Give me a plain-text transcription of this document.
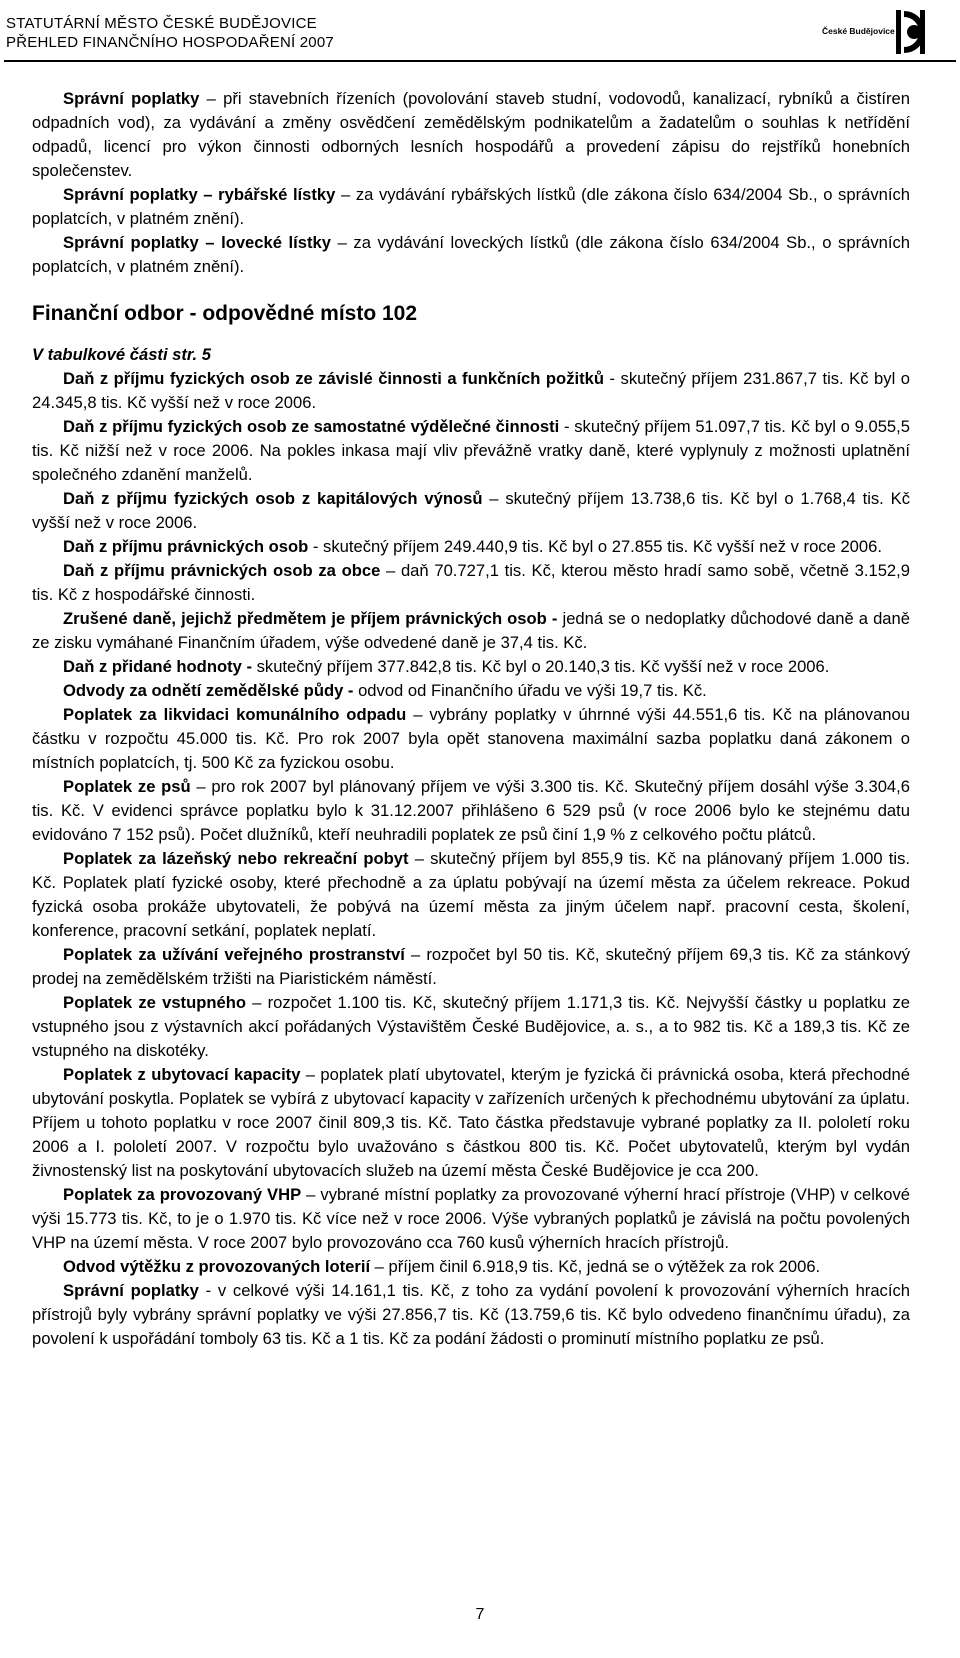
STATUTÁRNÍ MĚSTO ČESKÉ BUDĚJOVICE
PŘEHLED FINANČNÍHO HOSPODAŘENÍ 2007
České Budějovice

Správní poplatky – při stavebních řízeních (povolování staveb studní, vodovodů, kanalizací, rybníků a čistíren odpadních vod), za vydávání a změny osvědčení zemědělským podnikatelům a žadatelům o souhlas k netřídění odpadů, licencí pro výkon činnosti odborných lesních hospodářů a provedení zápisu do rejstříků honebních společenstev.

Správní poplatky – rybářské lístky – za vydávání rybářských lístků (dle zákona číslo 634/2004 Sb., o správních poplatcích, v platném znění).

Správní poplatky – lovecké lístky – za vydávání loveckých lístků (dle zákona číslo 634/2004 Sb., o správních poplatcích, v platném znění).

Finanční odbor - odpovědné místo 102
V tabulkové části str. 5

Daň z příjmu fyzických osob ze závislé činnosti a funkčních požitků - skutečný příjem 231.867,7 tis. Kč byl o 24.345,8 tis. Kč vyšší než v roce 2006.

Daň z příjmu fyzických osob ze samostatné výdělečné činnosti - skutečný příjem 51.097,7 tis. Kč byl o 9.055,5 tis. Kč nižší než v roce 2006. Na pokles inkasa mají vliv převážně vratky daně, které vyplynuly z možnosti uplatnění společného zdanění manželů.

Daň z příjmu fyzických osob z kapitálových výnosů – skutečný příjem 13.738,6 tis. Kč byl o 1.768,4 tis. Kč vyšší než v roce 2006.

Daň z příjmu právnických osob - skutečný příjem 249.440,9 tis. Kč byl o 27.855 tis. Kč vyšší než v roce 2006.

Daň z příjmu právnických osob za obce – daň 70.727,1 tis. Kč, kterou město hradí samo sobě, včetně 3.152,9 tis. Kč z hospodářské činnosti.

Zrušené daně, jejichž předmětem je příjem právnických osob - jedná se o nedoplatky důchodové daně a daně ze zisku vymáhané Finančním úřadem, výše odvedené daně je 37,4 tis. Kč.

Daň z přidané hodnoty - skutečný příjem 377.842,8 tis. Kč byl o 20.140,3 tis. Kč vyšší než v roce 2006.

Odvody za odnětí zemědělské půdy - odvod od Finančního úřadu ve výši 19,7 tis. Kč.

Poplatek za likvidaci komunálního odpadu – vybrány poplatky v úhrnné výši 44.551,6 tis. Kč na plánovanou částku v rozpočtu 45.000 tis. Kč. Pro rok 2007 byla opět stanovena maximální sazba poplatku daná zákonem o místních poplatcích, tj. 500 Kč za fyzickou osobu.

Poplatek ze psů – pro rok 2007 byl plánovaný příjem ve výši 3.300 tis. Kč. Skutečný příjem dosáhl výše 3.304,6 tis. Kč. V evidenci správce poplatku bylo k 31.12.2007 přihlášeno 6 529 psů (v roce 2006 bylo ke stejnému datu evidováno 7 152 psů). Počet dlužníků, kteří neuhradili poplatek ze psů činí 1,9 % z celkového počtu plátců.

Poplatek za lázeňský nebo rekreační pobyt – skutečný příjem byl 855,9 tis. Kč na plánovaný příjem 1.000 tis. Kč. Poplatek platí fyzické osoby, které přechodně a za úplatu pobývají na území města za účelem rekreace. Pokud fyzická osoba prokáže ubytovateli, že pobývá na území města za jiným účelem např. pracovní cesta, školení, konference, pracovní setkání, poplatek neplatí.

Poplatek za užívání veřejného prostranství – rozpočet byl 50 tis. Kč, skutečný příjem 69,3 tis. Kč za stánkový prodej na zemědělském tržišti na Piaristickém náměstí.

Poplatek ze vstupného – rozpočet 1.100 tis. Kč, skutečný příjem 1.171,3 tis. Kč. Nejvyšší částky u poplatku ze vstupného jsou z výstavních akcí pořádaných Výstavištěm České Budějovice, a. s., a to 982 tis. Kč a 189,3 tis. Kč ze vstupného na diskotéky.

Poplatek z ubytovací kapacity – poplatek platí ubytovatel, kterým je fyzická či právnická osoba, která přechodné ubytování poskytla. Poplatek se vybírá z ubytovací kapacity v zařízeních určených k přechodnému ubytování za úplatu. Příjem u tohoto poplatku v roce 2007 činil 809,3 tis. Kč. Tato částka představuje vybrané poplatky za II. pololetí roku 2006 a I. pololetí 2007. V rozpočtu bylo uvažováno s částkou 800 tis. Kč. Počet ubytovatelů, kterým byl vydán živnostenský list na poskytování ubytovacích služeb na území města České Budějovice je cca 200.

Poplatek za provozovaný VHP – vybrané místní poplatky za provozované výherní hrací přístroje (VHP) v celkové výši 15.773 tis. Kč, to je o 1.970 tis. Kč více než v roce 2006. Výše vybraných poplatků je závislá na počtu povolených VHP na území města. V roce 2007 bylo provozováno cca 760 kusů výherních hracích přístrojů.

Odvod výtěžku z provozovaných loterií – příjem činil 6.918,9 tis. Kč, jedná se o výtěžek za rok 2006.

Správní poplatky - v celkové výši 14.161,1 tis. Kč, z toho za vydání povolení k provozování výherních hracích přístrojů byly vybrány správní poplatky ve výši 27.856,7 tis. Kč (13.759,6 tis. Kč bylo odvedeno finančnímu úřadu), za povolení k uspořádání tomboly 63 tis. Kč a 1 tis. Kč za podání žádosti o prominutí místního poplatku ze psů.

7
